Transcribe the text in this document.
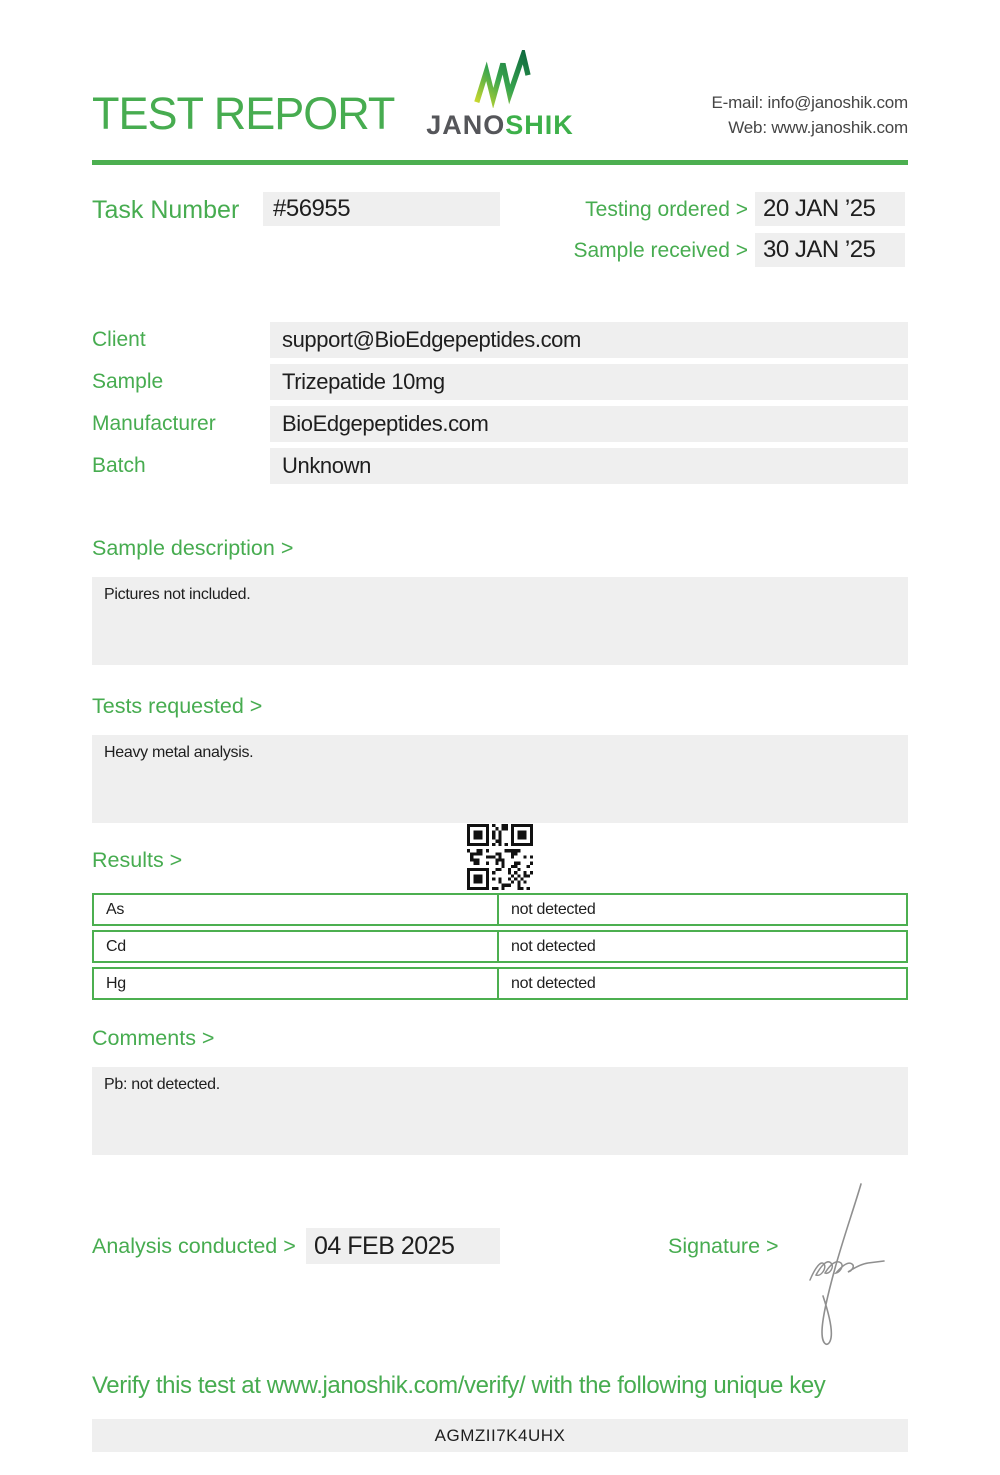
TEST REPORT	JANOSHIK
E-mail: info@janoshik.com
Web: www.janoshik.com
Task Number	#56955	Testing ordered > 20 JAN ’25
Sample received > 30 JAN ’25
Client	support@BioEdgepeptides.com
Sample	Trizepatide 10mg
Manufacturer	BioEdgepeptides.com
Batch	Unknown
Sample description >
Pictures not included.
Tests requested >
Heavy metal analysis.
Results >
As	not detected
Cd	not detected
Hg	not detected
Comments >
Pb: not detected.
Analysis conducted > 04 FEB 2025	Signature >
Verify this test at www.janoshik.com/verify/ with the following unique key
AGMZII7K4UHX
